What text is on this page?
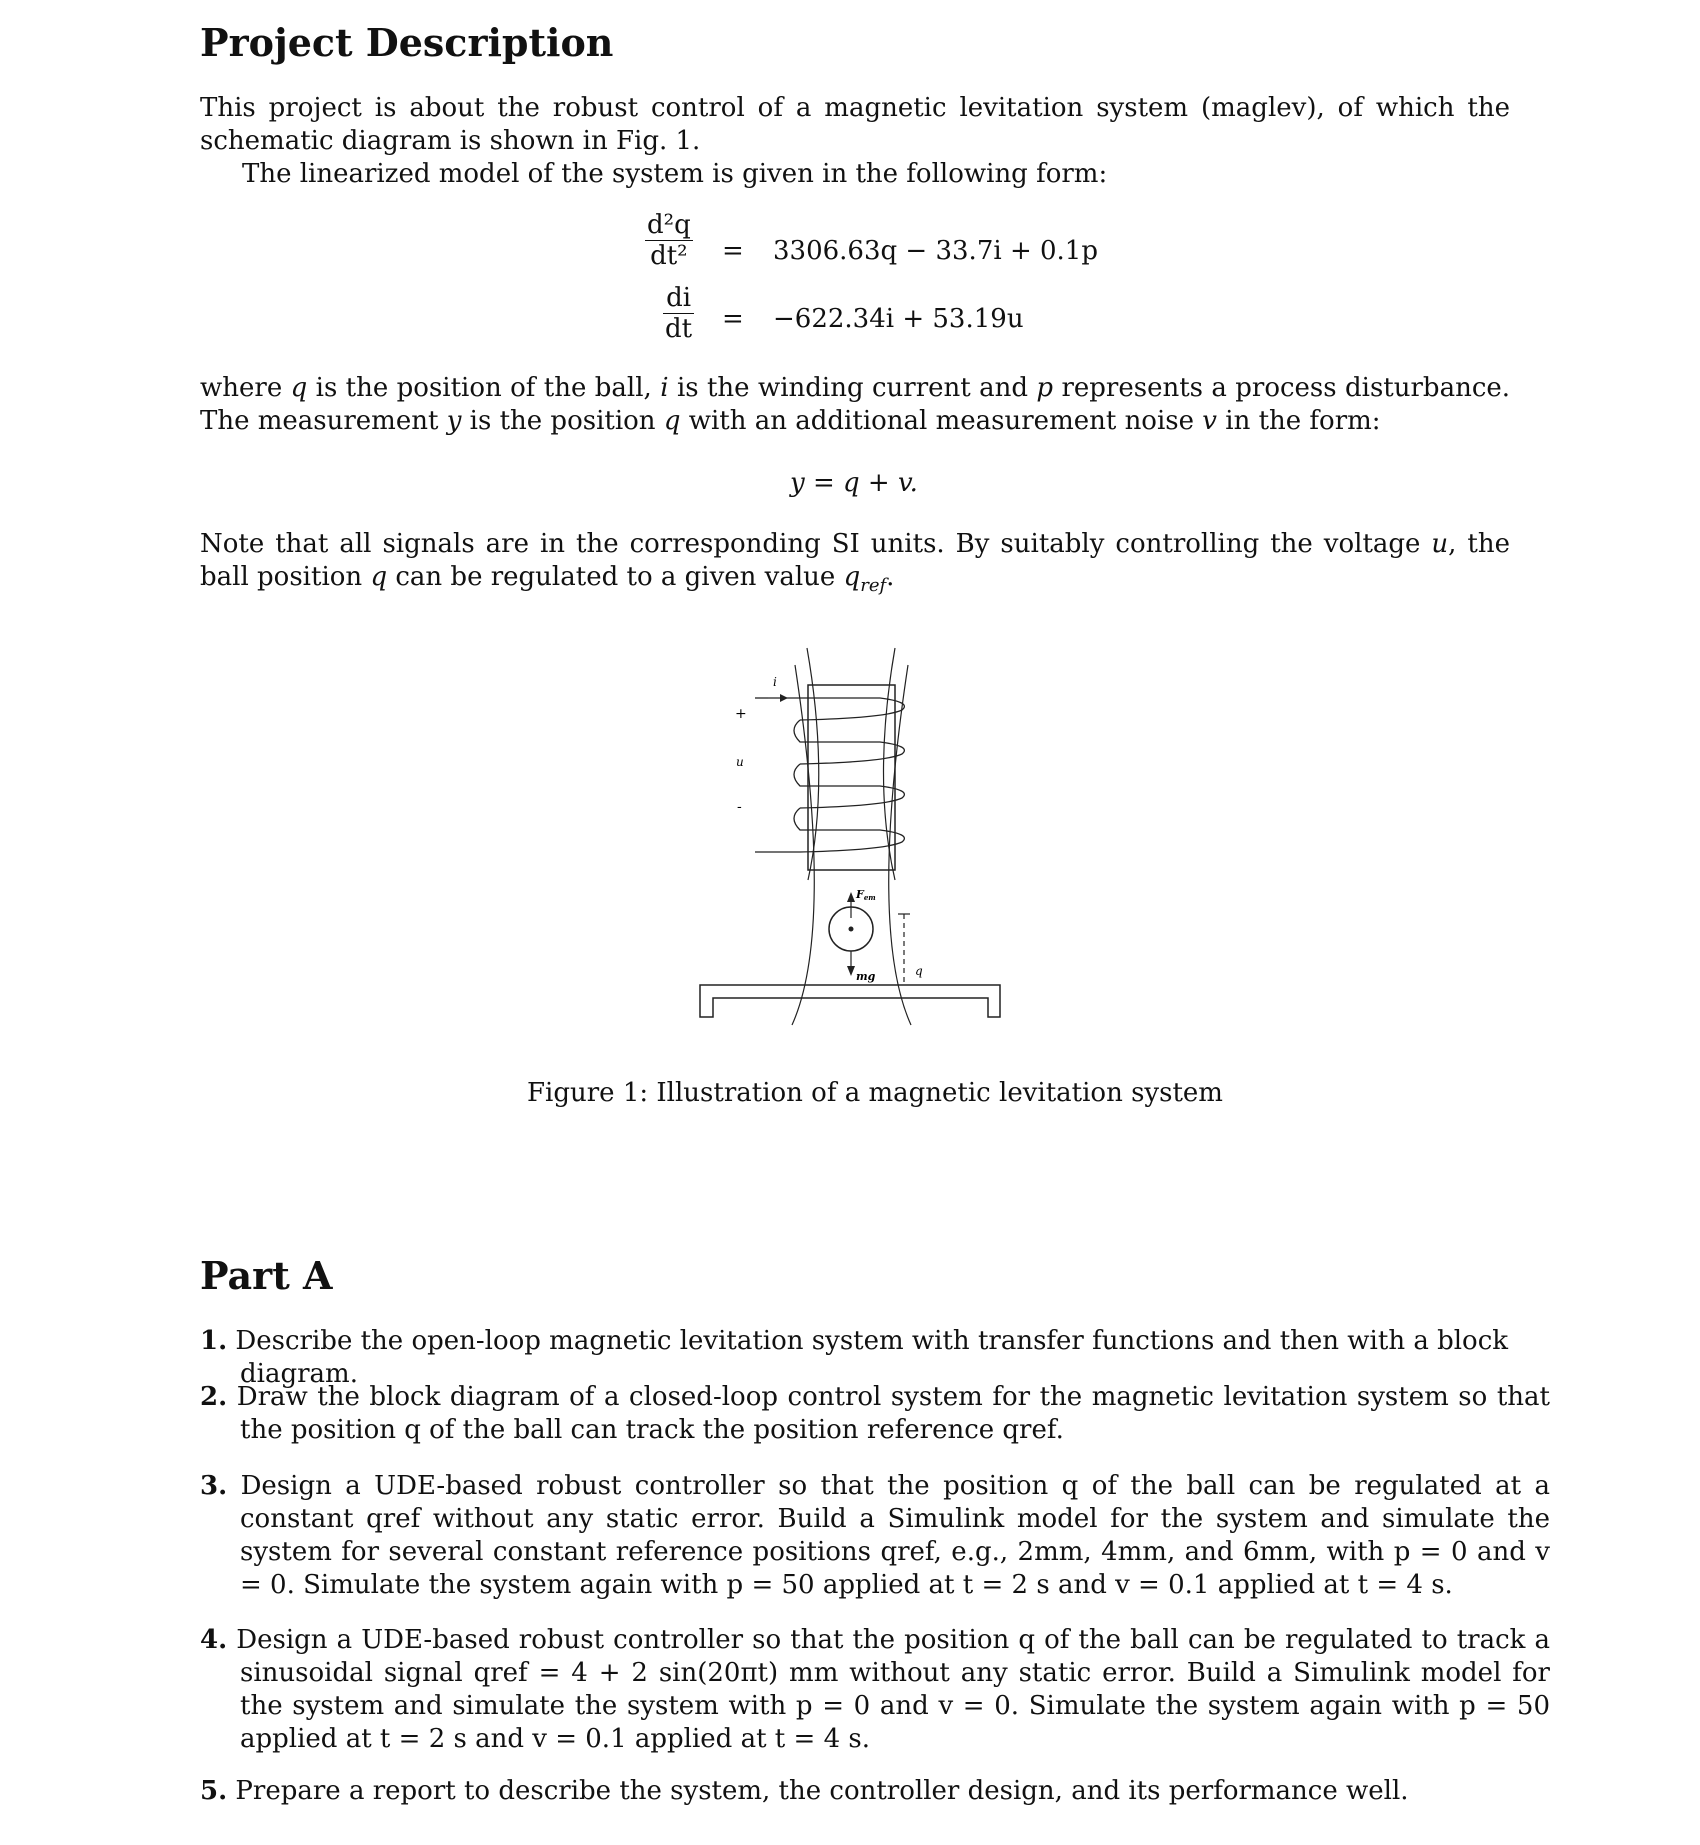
Project Description
This project is about the robust control of a magnetic levitation system (maglev), of which the schematic diagram is shown in Fig. 1.
The linearized model of the system is given in the following form:
$\frac{\text{d²q}}{\text{dt²}} = 3306.63q - 33.7i + 0.1p$
$\frac{di}{dt} = -622.34i + 53.19u$
where q is the position of the ball, i is the winding current and p represents a process disturbance. The measurement y is the position q with an additional measurement noise v in the form:
y = q + v.
Note that all signals are in the corresponding SI units. By suitably controlling the voltage u, the ball position q can be regulated to a given value $q_{ref}$.
i
+
u
-
Fem
mg	q
Figure 1: Illustration of a magnetic levitation system
Part A
1. Describe the open-loop magnetic levitation system with transfer functions and then with a block diagram.
2. Draw the block diagram of a closed-loop control system for the magnetic levitation system so that the position q of the ball can track the position reference qref.
3. Design a UDE-based robust controller so that the position q of the ball can be regulated at a constant qref without any static error. Build a Simulink model for the system and simulate the system for several constant reference positions qref, e.g., 2mm, 4mm, and 6mm, with p = 0 and v = 0. Simulate the system again with p = 50 applied at t = 2 s and v = 0.1 applied at t = 4 s.
4. Design a UDE-based robust controller so that the position q of the ball can be regulated to track a sinusoidal signal qref = 4 + 2 sin(20πt) mm without any static error. Build a Simulink model for the system and simulate the system with p = 0 and v = 0. Simulate the system again with p = 50 applied at t = 2 s and v = 0.1 applied at t = 4 s.
5. Prepare a report to describe the system, the controller design, and its performance well.
